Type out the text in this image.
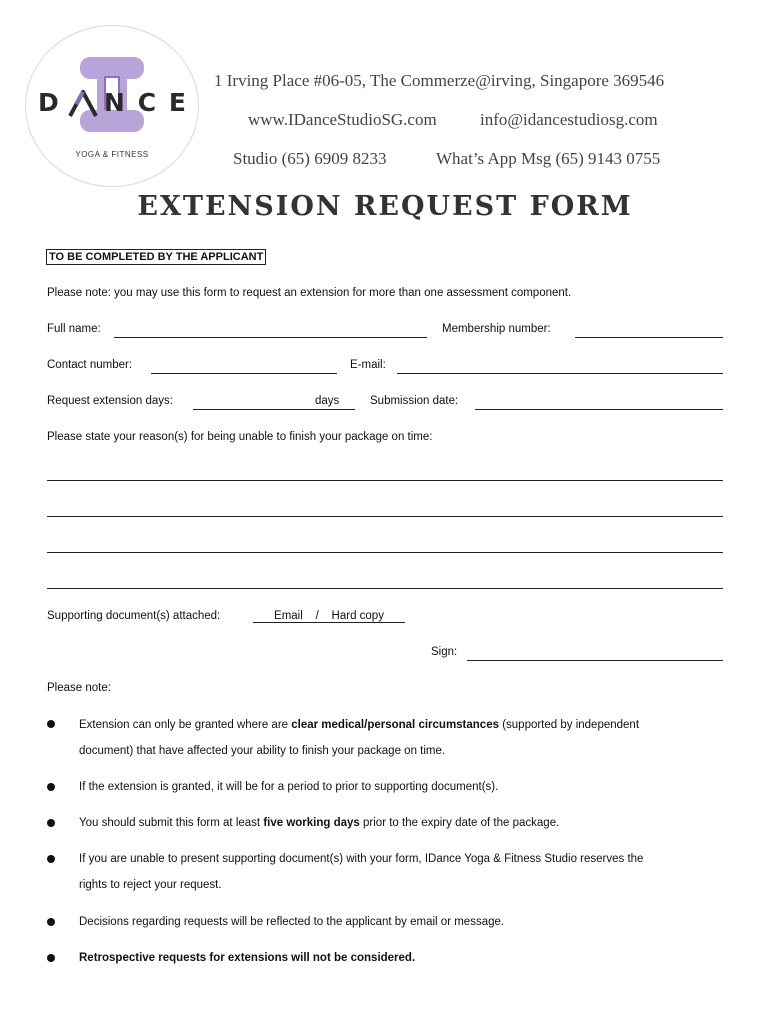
D N C E
YOGA & FITNESS
1 Irving Place #06-05, The Commerze@irving, Singapore 369546
www.IDanceStudioSG.com	info@idancestudiosg.com
Studio (65) 6909 8233	What’s App Msg (65) 9143 0755
EXTENSION REQUEST FORM
TO BE COMPLETED BY THE APPLICANT
Please note: you may use this form to request an extension for more than one assessment component.
Full name:	Membership number:
Contact number:	E-mail:
Request extension days:	days	Submission date:
Please state your reason(s) for being unable to finish your package on time:
Supporting document(s) attached:	Email    /    Hard copy
Sign:
Please note:
Extension can only be granted where are clear medical/personal circumstances (supported by independent
document) that have affected your ability to finish your package on time.
If the extension is granted, it will be for a period to prior to supporting document(s).
You should submit this form at least five working days prior to the expiry date of the package.
If you are unable to present supporting document(s) with your form, IDance Yoga & Fitness Studio reserves the
rights to reject your request.
Decisions regarding requests will be reflected to the applicant by email or message.
Retrospective requests for extensions will not be considered.
